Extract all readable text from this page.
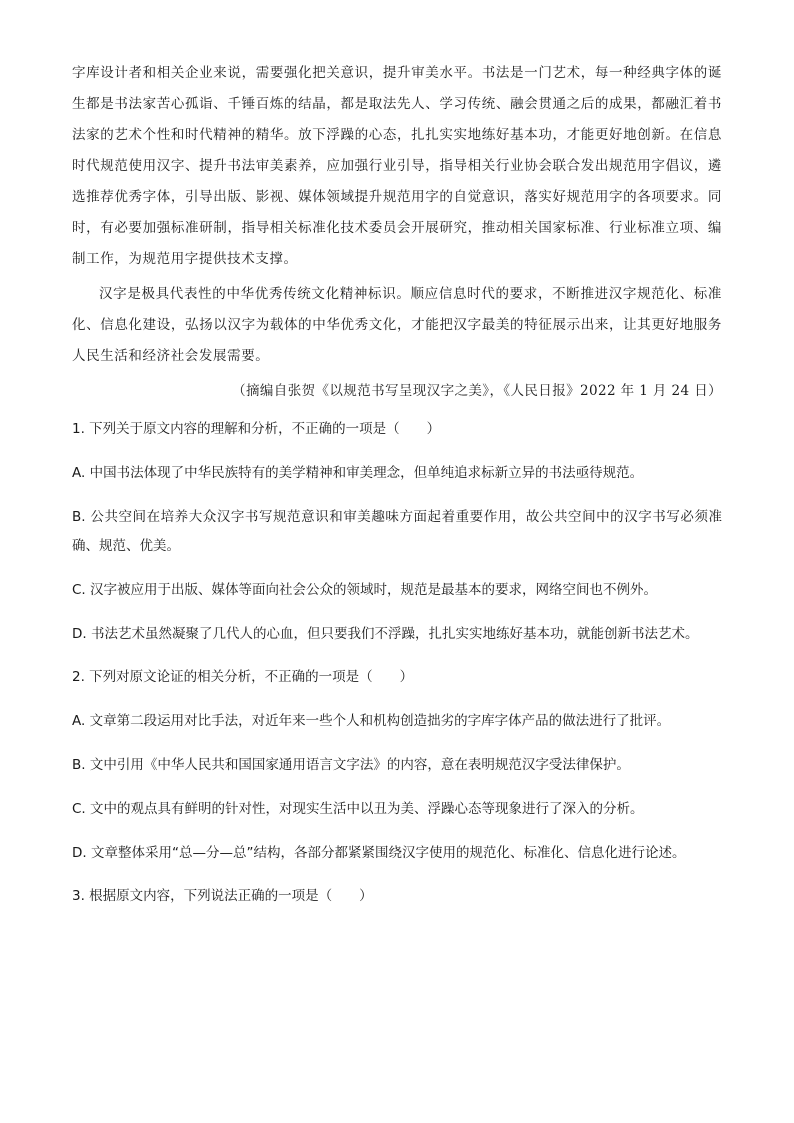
字库设计者和相关企业来说，需要强化把关意识，提升审美水平。书法是一门艺术，每一种经典字体的诞生都是书法家苦心孤诣、千锤百炼的结晶，都是取法先人、学习传统、融会贯通之后的成果，都融汇着书法家的艺术个性和时代精神的精华。放下浮躁的心态，扎扎实实地练好基本功，才能更好地创新。在信息时代规范使用汉字、提升书法审美素养，应加强行业引导，指导相关行业协会联合发出规范用字倡议，遴选推荐优秀字体，引导出版、影视、媒体领域提升规范用字的自觉意识，落实好规范用字的各项要求。同时，有必要加强标准研制，指导相关标准化技术委员会开展研究，推动相关国家标准、行业标准立项、编制工作，为规范用字提供技术支撑。

汉字是极具代表性的中华优秀传统文化精神标识。顺应信息时代的要求，不断推进汉字规范化、标准化、信息化建设，弘扬以汉字为载体的中华优秀文化，才能把汉字最美的特征展示出来，让其更好地服务人民生活和经济社会发展需要。

（摘编自张贺《以规范书写呈现汉字之美》，《人民日报》2022 年 1 月 24 日）

1. 下列关于原文内容的理解和分析，不正确的一项是（　　）

A. 中国书法体现了中华民族特有的美学精神和审美理念，但单纯追求标新立异的书法亟待规范。

B. 公共空间在培养大众汉字书写规范意识和审美趣味方面起着重要作用，故公共空间中的汉字书写必须准确、规范、优美。

C. 汉字被应用于出版、媒体等面向社会公众的领域时，规范是最基本的要求，网络空间也不例外。

D. 书法艺术虽然凝聚了几代人的心血，但只要我们不浮躁，扎扎实实地练好基本功，就能创新书法艺术。

2. 下列对原文论证的相关分析，不正确的一项是（　　）

A. 文章第二段运用对比手法，对近年来一些个人和机构创造拙劣的字库字体产品的做法进行了批评。

B. 文中引用《中华人民共和国国家通用语言文字法》的内容，意在表明规范汉字受法律保护。

C. 文中的观点具有鲜明的针对性，对现实生活中以丑为美、浮躁心态等现象进行了深入的分析。

D. 文章整体采用“总—分—总”结构，各部分都紧紧围绕汉字使用的规范化、标准化、信息化进行论述。

3. 根据原文内容，下列说法正确的一项是（　　）
